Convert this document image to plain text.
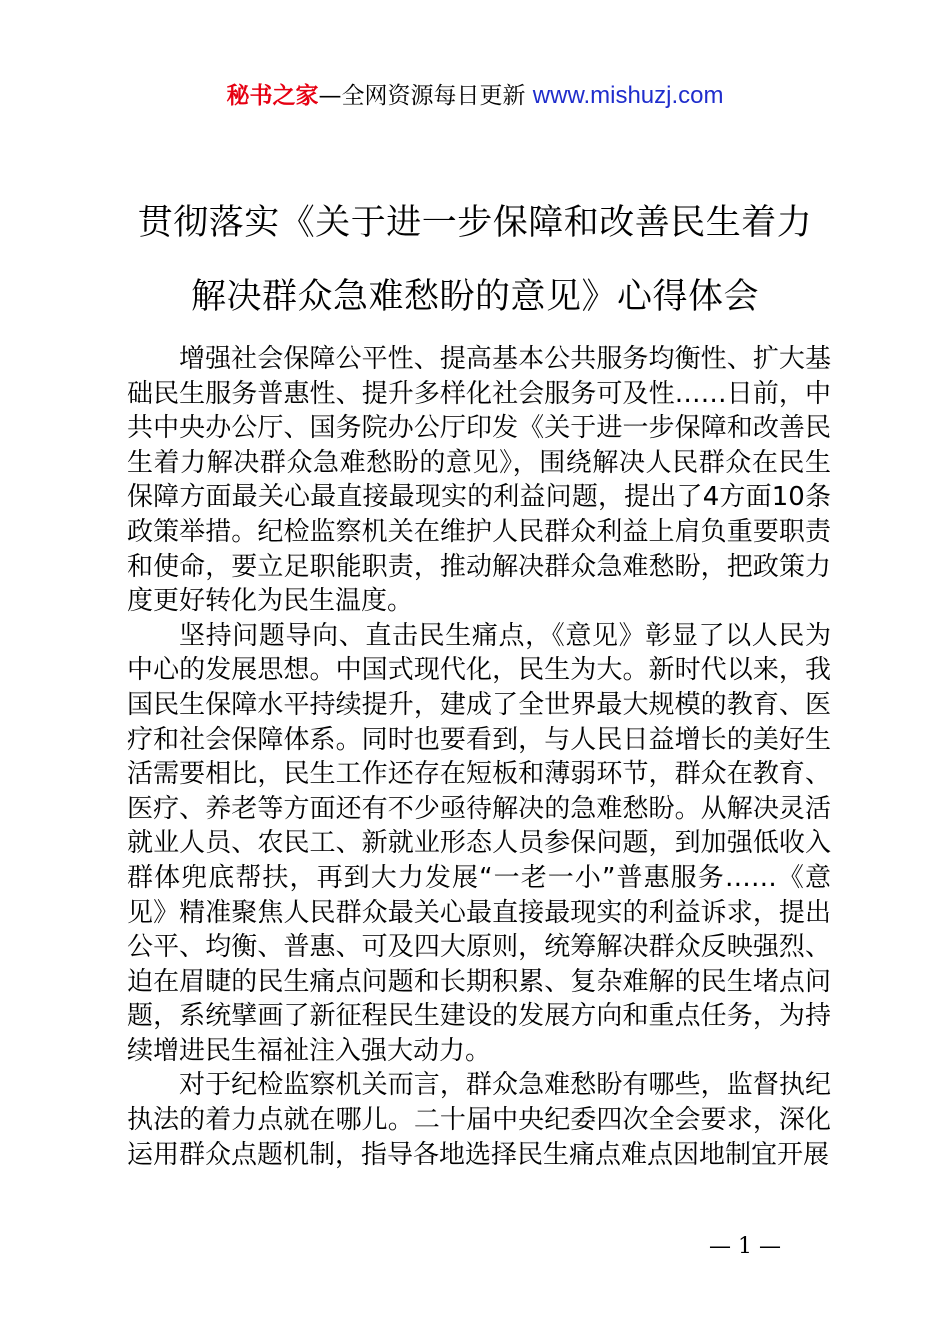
秘书之家—全网资源每日更新 www.mishuzj.com
贯彻落实《关于进一步保障和改善民生着力
解决群众急难愁盼的意见》心得体会

增强社会保障公平性、提高基本公共服务均衡性、扩大基础民生服务普惠性、提升多样化社会服务可及性……日前，中共中央办公厅、国务院办公厅印发《关于进一步保障和改善民生着力解决群众急难愁盼的意见》，围绕解决人民群众在民生保障方面最关心最直接最现实的利益问题，提出了4方面10条政策举措。纪检监察机关在维护人民群众利益上肩负重要职责和使命，要立足职能职责，推动解决群众急难愁盼，把政策力度更好转化为民生温度。

坚持问题导向、直击民生痛点，《意见》彰显了以人民为中心的发展思想。中国式现代化，民生为大。新时代以来，我国民生保障水平持续提升，建成了全世界最大规模的教育、医疗和社会保障体系。同时也要看到，与人民日益增长的美好生活需要相比，民生工作还存在短板和薄弱环节，群众在教育、医疗、养老等方面还有不少亟待解决的急难愁盼。从解决灵活就业人员、农民工、新就业形态人员参保问题，到加强低收入群体兜底帮扶，再到大力发展“一老一小”普惠服务……《意见》精准聚焦人民群众最关心最直接最现实的利益诉求，提出公平、均衡、普惠、可及四大原则，统筹解决群众反映强烈、迫在眉睫的民生痛点问题和长期积累、复杂难解的民生堵点问题，系统擘画了新征程民生建设的发展方向和重点任务，为持续增进民生福祉注入强大动力。

对于纪检监察机关而言，群众急难愁盼有哪些，监督执纪执法的着力点就在哪儿。二十届中央纪委四次全会要求，深化运用群众点题机制，指导各地选择民生痛点难点因地制宜开展

— 1 —
